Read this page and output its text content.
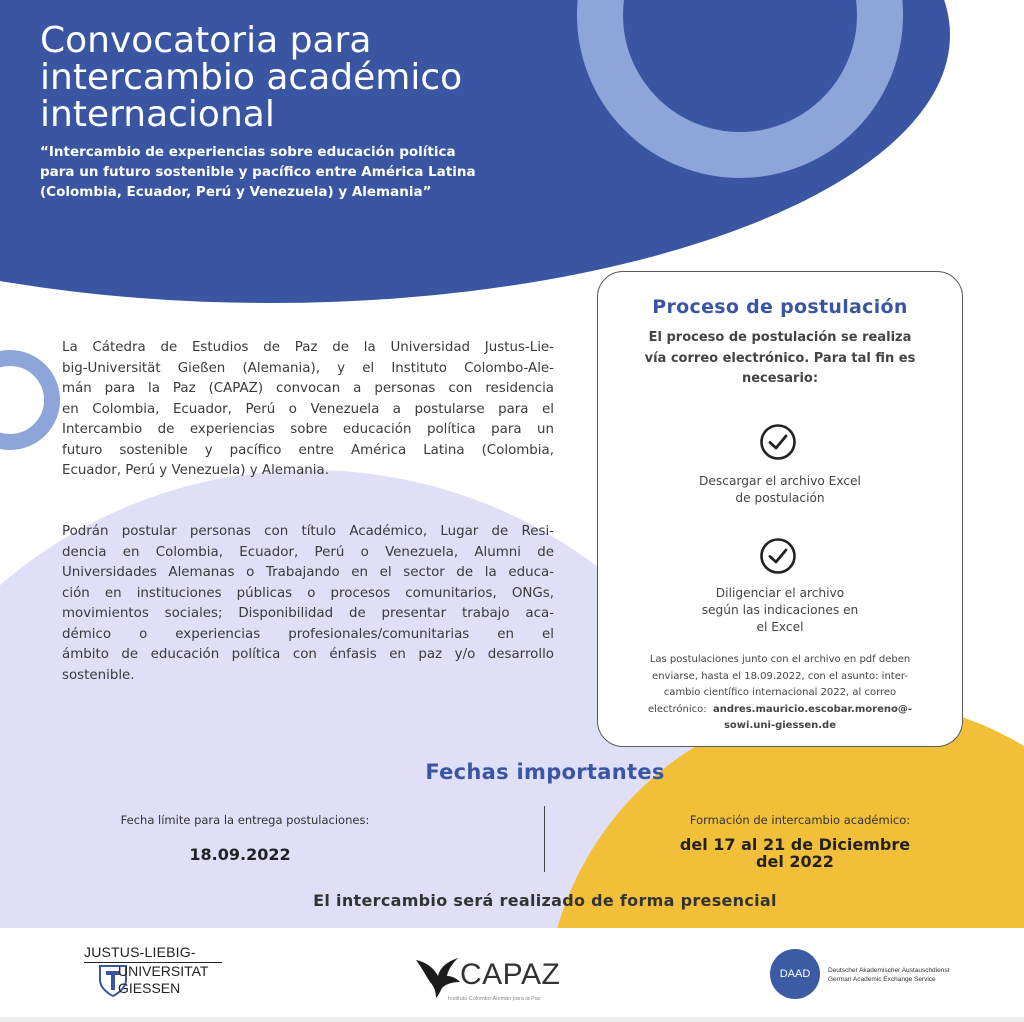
Convocatoria para
intercambio académico
internacional

“Intercambio de experiencias sobre educación política
para un futuro sostenible y pacífico entre América Latina
(Colombia, Ecuador, Perú y Venezuela) y Alemania”

La Cátedra de Estudios de Paz de la Universidad Justus-Lie-
big-Universität Gießen (Alemania), y el Instituto Colombo-Ale-
mán para la Paz (CAPAZ) convocan a personas con residencia
en Colombia, Ecuador, Perú o Venezuela a postularse para el
Intercambio de experiencias sobre educación política para un
futuro sostenible y pacífico entre América Latina (Colombia,
Ecuador, Perú y Venezuela) y Alemania.
Podrán postular personas con título Académico, Lugar de Resi-
dencia en Colombia, Ecuador, Perú o Venezuela, Alumni de
Universidades Alemanas o Trabajando en el sector de la educa-
ción en instituciones públicas o procesos comunitarios, ONGs,
movimientos sociales; Disponibilidad de presentar trabajo aca-
démico o experiencias profesionales/comunitarias en el
ámbito de educación política con énfasis en paz y/o desarrollo
sostenible.
Proceso de postulación
El proceso de postulación se realiza
vía correo electrónico. Para tal fin es
necesario:
Descargar el archivo Excel
de postulación
Diligenciar el archivo
según las indicaciones en
el Excel
Las postulaciones junto con el archivo en pdf deben
enviarse, hasta el 18.09.2022, con el asunto: inter-
cambio científico internacional 2022, al correo
electrónico: andres.mauricio.escobar.moreno@-
sowi.uni-giessen.de
Fechas importantes
Fecha límite para la entrega postulaciones:
18.09.2022
Formación de intercambio académico:
del 17 al 21 de Diciembre
del 2022
El intercambio será realizado de forma presencial
JUSTUS-LIEBIG-
UNIVERSITAT
GIESSEN	CAPAZ
Instituto Colombo-Alemán para la Paz
DAAD	Deutscher Akademischer Austauschdienst
German Academic Exchange Service
